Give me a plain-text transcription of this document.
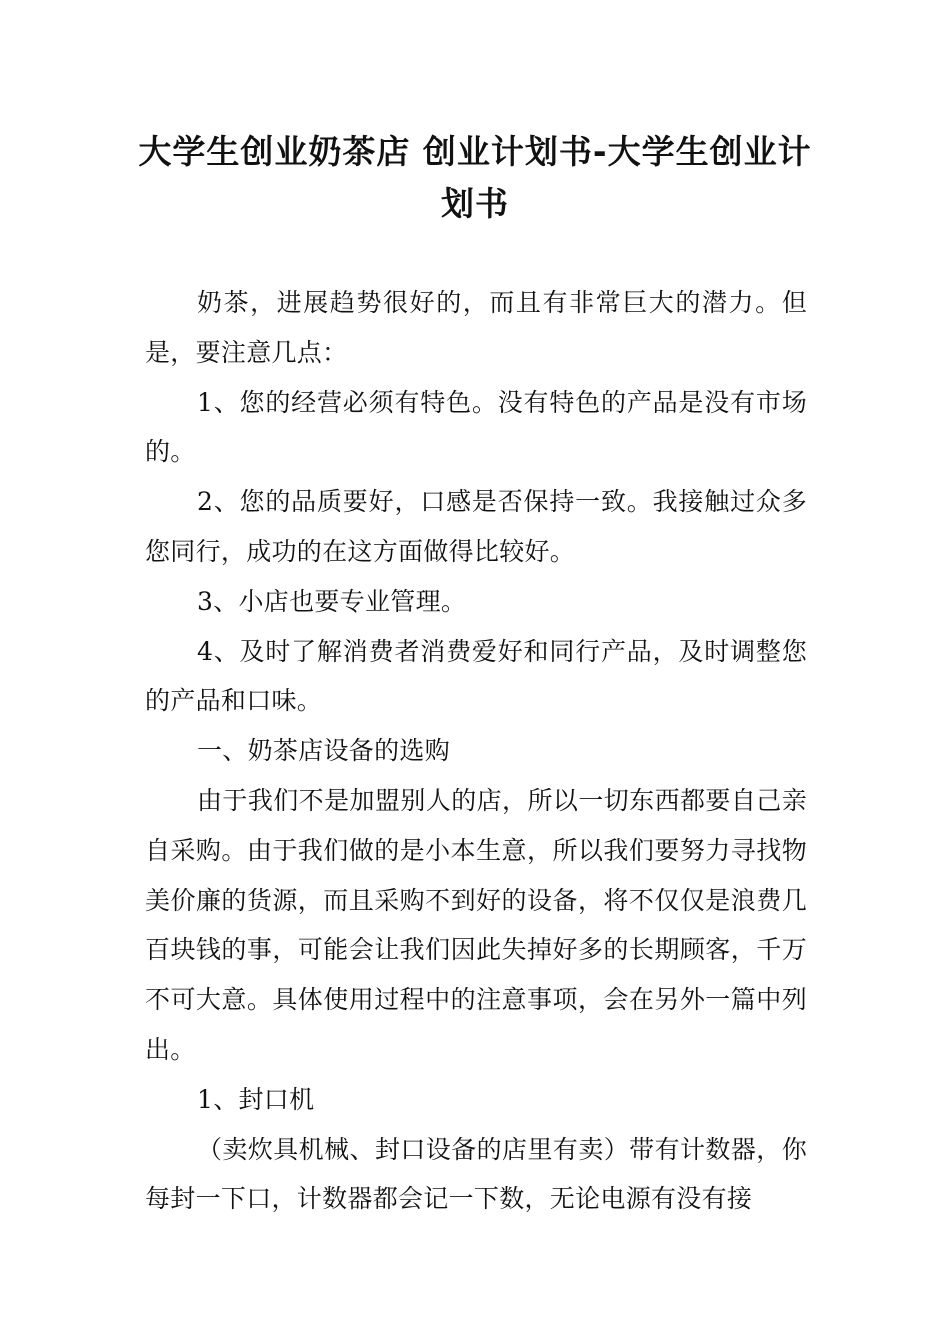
大学生创业奶茶店 创业计划书-大学生创业计划书

奶茶，进展趋势很好的，而且有非常巨大的潜力。但是，要注意几点：

1、您的经营必须有特色。没有特色的产品是没有市场的。

2、您的品质要好，口感是否保持一致。我接触过众多您同行，成功的在这方面做得比较好。

3、小店也要专业管理。

4、及时了解消费者消费爱好和同行产品，及时调整您的产品和口味。

一、奶茶店设备的选购

由于我们不是加盟别人的店，所以一切东西都要自己亲自采购。由于我们做的是小本生意，所以我们要努力寻找物美价廉的货源，而且采购不到好的设备，将不仅仅是浪费几百块钱的事，可能会让我们因此失掉好多的长期顾客，千万不可大意。具体使用过程中的注意事项，会在另外一篇中列出。

1、封口机

（卖炊具机械、封口设备的店里有卖）带有计数器，你每封一下口，计数器都会记一下数，无论电源有没有接
